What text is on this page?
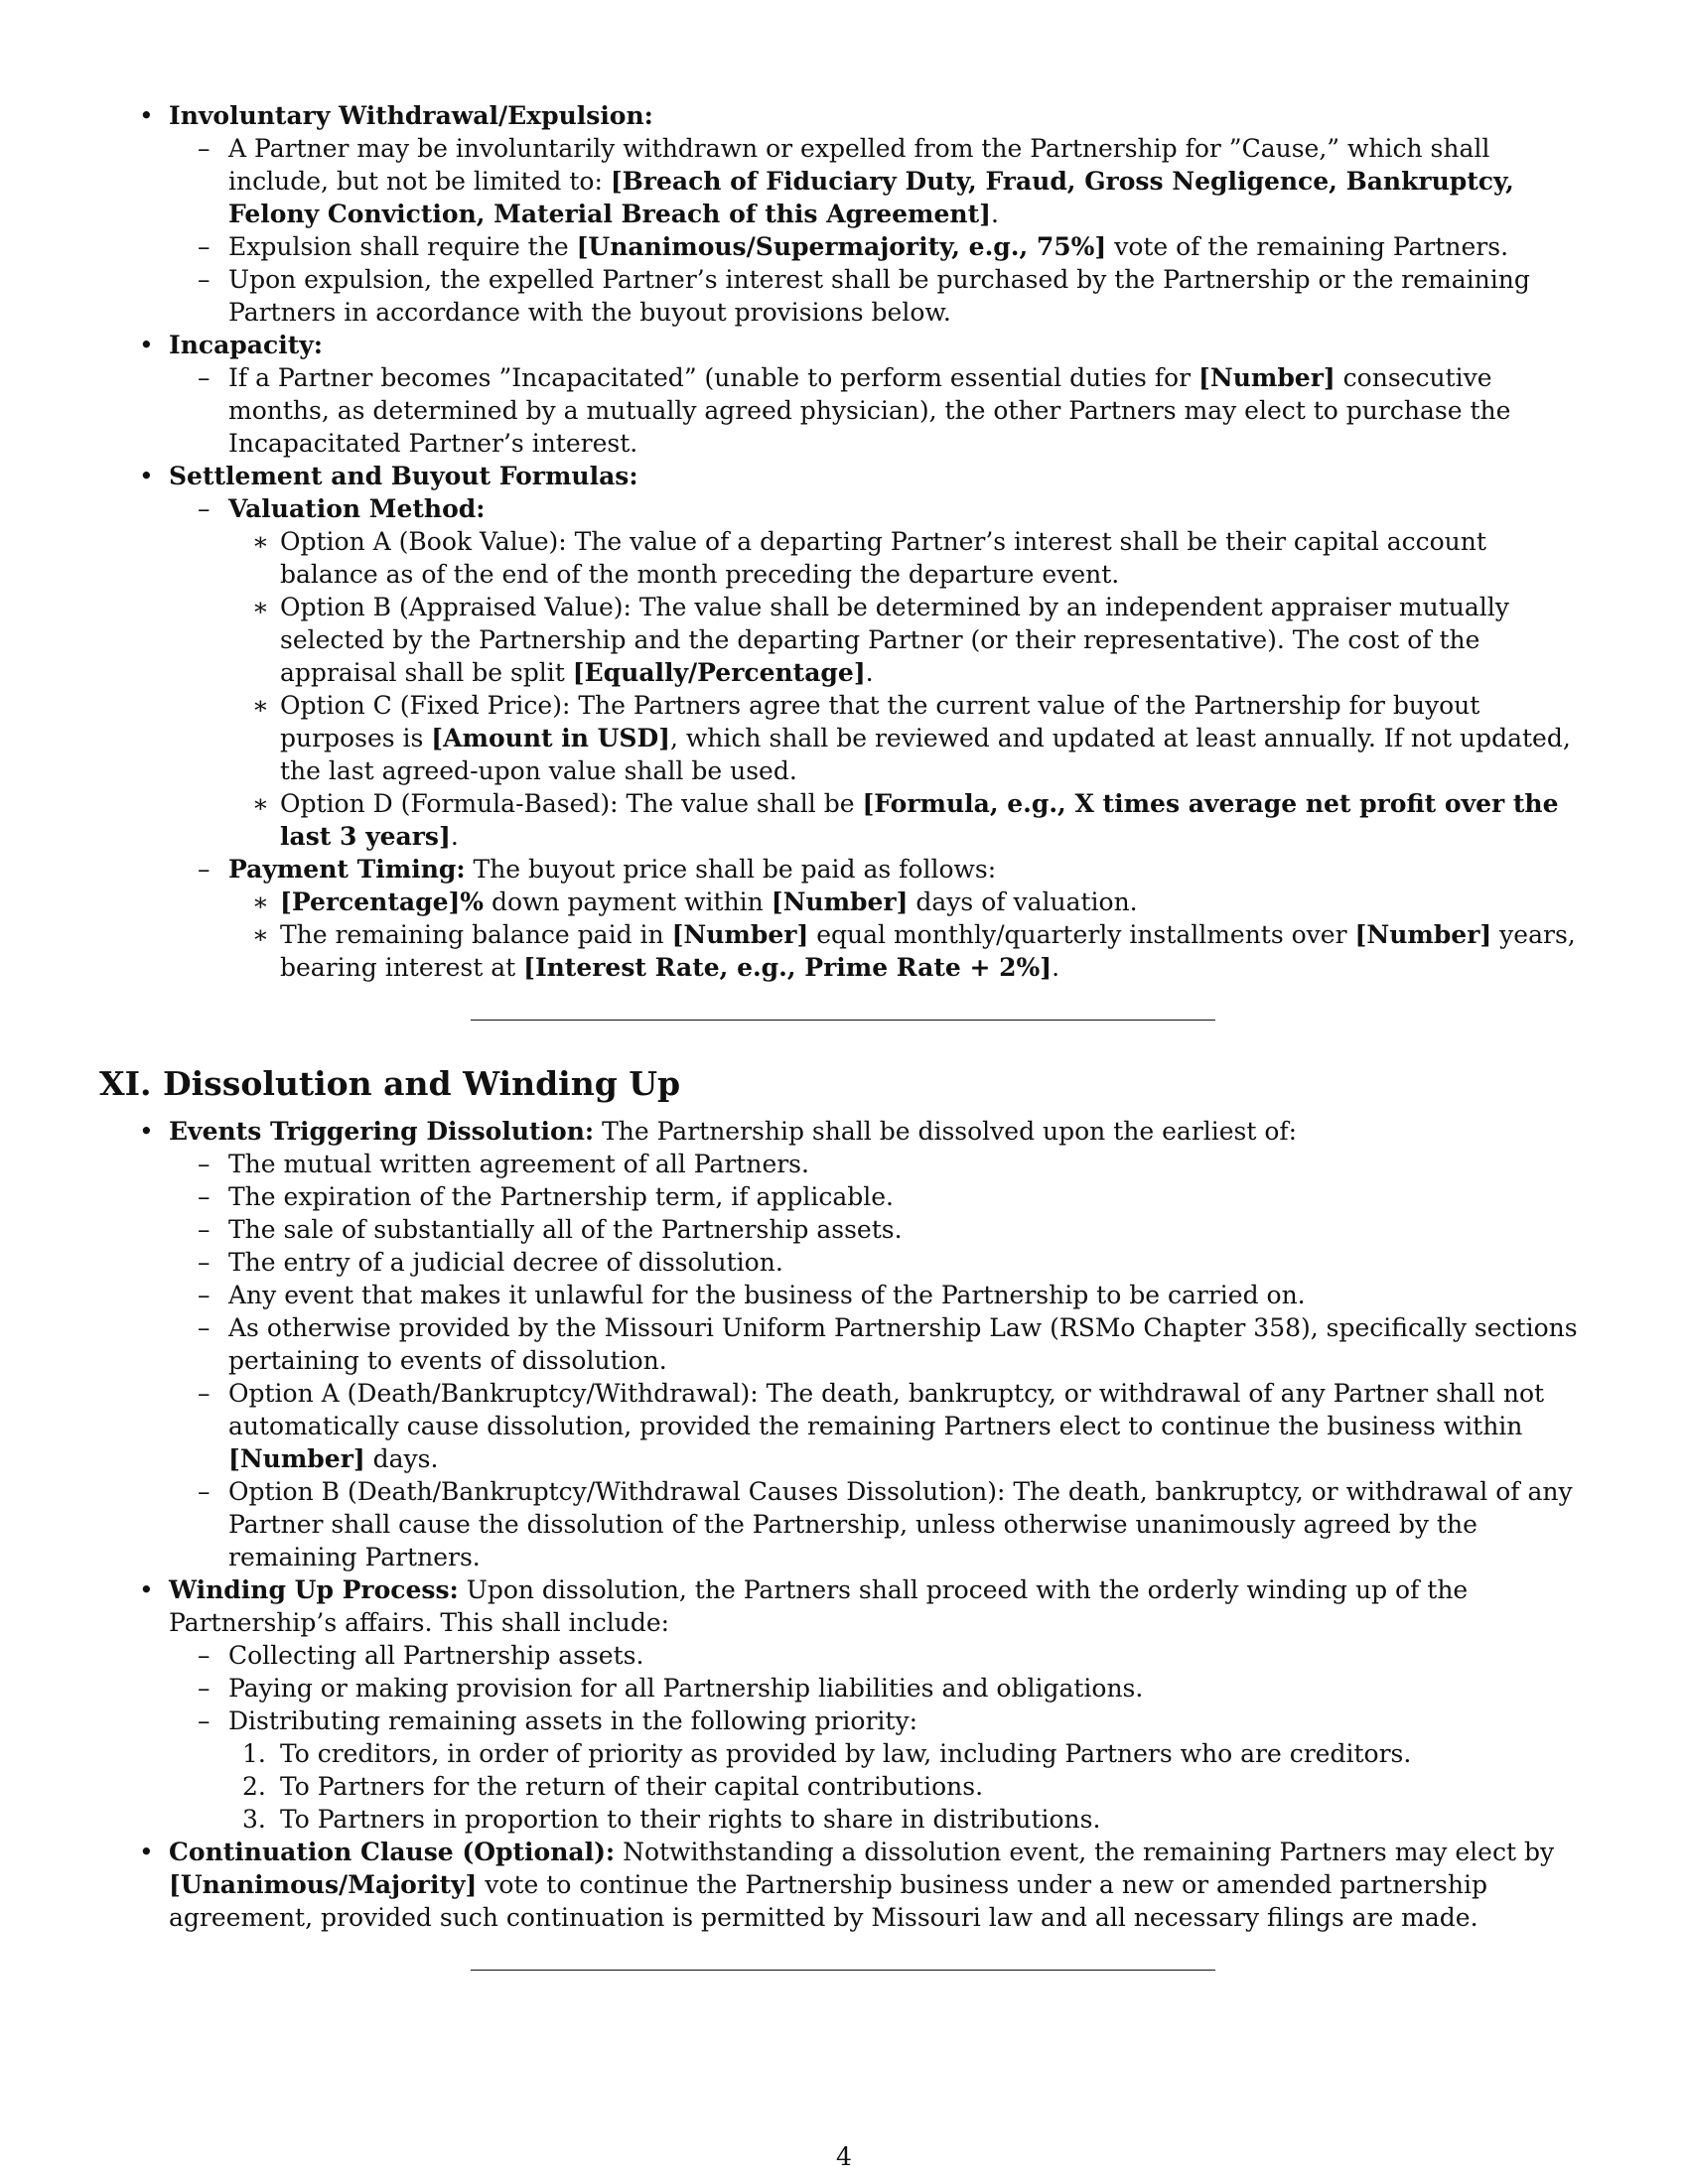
• Involuntary Withdrawal/Expulsion:
– A Partner may be involuntarily withdrawn or expelled from the Partnership for ”Cause,” which shall include, but not be limited to: [Breach of Fiduciary Duty, Fraud, Gross Negligence, Bankruptcy, Felony Conviction, Material Breach of this Agreement].
– Expulsion shall require the [Unanimous/Supermajority, e.g., 75%] vote of the remaining Partners.
– Upon expulsion, the expelled Partner’s interest shall be purchased by the Partnership or the remaining Partners in accordance with the buyout provisions below.
• Incapacity:
– If a Partner becomes ”Incapacitated” (unable to perform essential duties for [Number] consecutive months, as determined by a mutually agreed physician), the other Partners may elect to purchase the Incapacitated Partner’s interest.
• Settlement and Buyout Formulas:
– Valuation Method:
∗ Option A (Book Value): The value of a departing Partner’s interest shall be their capital account balance as of the end of the month preceding the departure event.
∗ Option B (Appraised Value): The value shall be determined by an independent appraiser mutually selected by the Partnership and the departing Partner (or their representative). The cost of the appraisal shall be split [Equally/Percentage].
∗ Option C (Fixed Price): The Partners agree that the current value of the Partnership for buyout purposes is [Amount in USD], which shall be reviewed and updated at least annually. If not updated, the last agreed-upon value shall be used.
∗ Option D (Formula-Based): The value shall be [Formula, e.g., X times average net profit over the last 3 years].
– Payment Timing: The buyout price shall be paid as follows:
∗ [Percentage]% down payment within [Number] days of valuation.
∗ The remaining balance paid in [Number] equal monthly/quarterly installments over [Number] years, bearing interest at [Interest Rate, e.g., Prime Rate + 2%].
XI. Dissolution and Winding Up
• Events Triggering Dissolution: The Partnership shall be dissolved upon the earliest of:
– The mutual written agreement of all Partners.
– The expiration of the Partnership term, if applicable.
– The sale of substantially all of the Partnership assets.
– The entry of a judicial decree of dissolution.
– Any event that makes it unlawful for the business of the Partnership to be carried on.
– As otherwise provided by the Missouri Uniform Partnership Law (RSMo Chapter 358), specifically sections pertaining to events of dissolution.
– Option A (Death/Bankruptcy/Withdrawal): The death, bankruptcy, or withdrawal of any Partner shall not automatically cause dissolution, provided the remaining Partners elect to continue the business within [Number] days.
– Option B (Death/Bankruptcy/Withdrawal Causes Dissolution): The death, bankruptcy, or withdrawal of any Partner shall cause the dissolution of the Partnership, unless otherwise unanimously agreed by the remaining Partners.
• Winding Up Process: Upon dissolution, the Partners shall proceed with the orderly winding up of the Partnership’s affairs. This shall include:
– Collecting all Partnership assets.
– Paying or making provision for all Partnership liabilities and obligations.
– Distributing remaining assets in the following priority:
1. To creditors, in order of priority as provided by law, including Partners who are creditors.
2. To Partners for the return of their capital contributions.
3. To Partners in proportion to their rights to share in distributions.
• Continuation Clause (Optional): Notwithstanding a dissolution event, the remaining Partners may elect by [Unanimous/Majority] vote to continue the Partnership business under a new or amended partnership agreement, provided such continuation is permitted by Missouri law and all necessary filings are made.
4
